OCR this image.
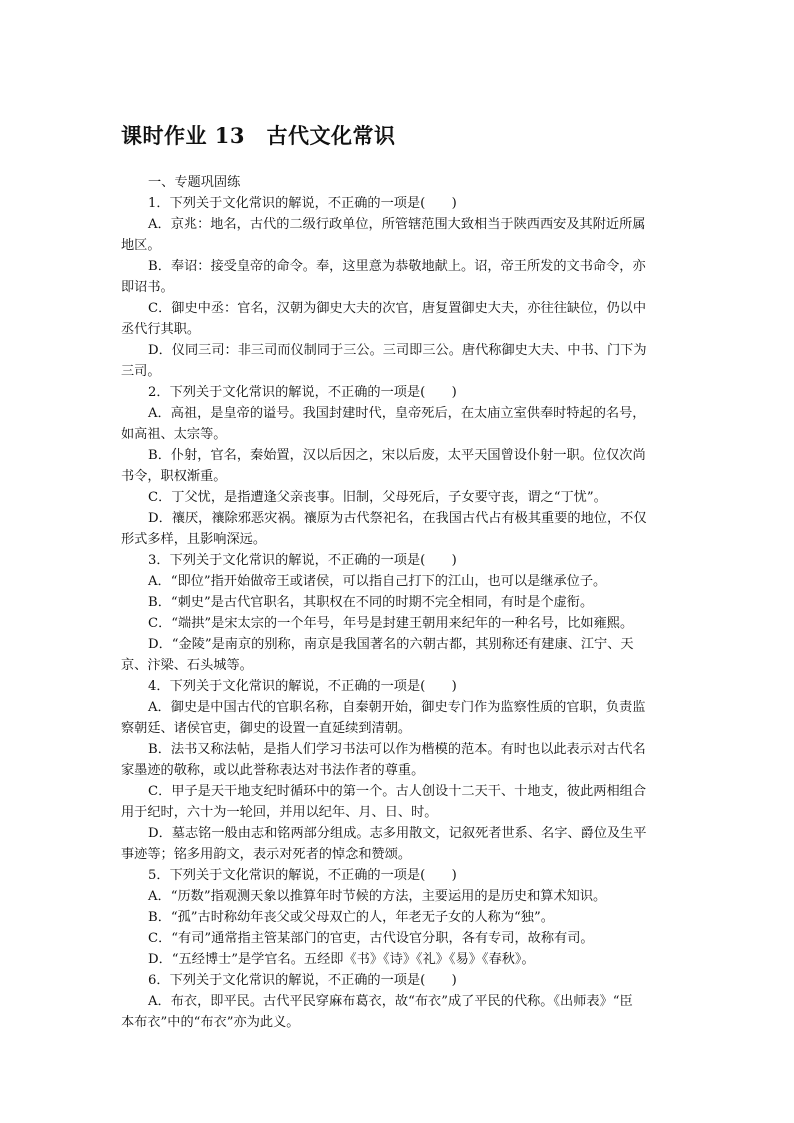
课时作业 13　古代文化常识
一、专题巩固练
1．下列关于文化常识的解说，不正确的一项是(　　)
A．京兆：地名，古代的二级行政单位，所管辖范围大致相当于陕西西安及其附近所属
地区。
B．奉诏：接受皇帝的命令。奉，这里意为恭敬地献上。诏，帝王所发的文书命令，亦
即诏书。
C．御史中丞：官名，汉朝为御史大夫的次官，唐复置御史大夫，亦往往缺位，仍以中
丞代行其职。
D．仪同三司：非三司而仪制同于三公。三司即三公。唐代称御史大夫、中书、门下为
三司。
2．下列关于文化常识的解说，不正确的一项是(　　)
A．高祖，是皇帝的谥号。我国封建时代，皇帝死后，在太庙立室供奉时特起的名号，
如高祖、太宗等。
B．仆射，官名，秦始置，汉以后因之，宋以后废，太平天国曾设仆射一职。位仅次尚
书令，职权渐重。
C．丁父忧，是指遭逢父亲丧事。旧制，父母死后，子女要守丧，谓之“丁忧”。
D．禳厌，禳除邪恶灾祸。禳原为古代祭祀名，在我国古代占有极其重要的地位，不仅
形式多样，且影响深远。
3．下列关于文化常识的解说，不正确的一项是(　　)
A．“即位”指开始做帝王或诸侯，可以指自己打下的江山，也可以是继承位子。
B．“刺史”是古代官职名，其职权在不同的时期不完全相同，有时是个虚衔。
C．“端拱”是宋太宗的一个年号，年号是封建王朝用来纪年的一种名号，比如雍熙。
D．“金陵”是南京的别称，南京是我国著名的六朝古都，其别称还有建康、江宁、天
京、汴梁、石头城等。
4．下列关于文化常识的解说，不正确的一项是(　　)
A．御史是中国古代的官职名称，自秦朝开始，御史专门作为监察性质的官职，负责监
察朝廷、诸侯官吏，御史的设置一直延续到清朝。
B．法书又称法帖，是指人们学习书法可以作为楷模的范本。有时也以此表示对古代名
家墨迹的敬称，或以此誉称表达对书法作者的尊重。
C．甲子是天干地支纪时循环中的第一个。古人创设十二天干、十地支，彼此两相组合
用于纪时，六十为一轮回，并用以纪年、月、日、时。
D．墓志铭一般由志和铭两部分组成。志多用散文，记叙死者世系、名字、爵位及生平
事迹等；铭多用韵文，表示对死者的悼念和赞颂。
5．下列关于文化常识的解说，不正确的一项是(　　)
A．“历数”指观测天象以推算年时节候的方法，主要运用的是历史和算术知识。
B．“孤”古时称幼年丧父或父母双亡的人，年老无子女的人称为“独”。
C．“有司”通常指主管某部门的官吏，古代设官分职，各有专司，故称有司。
D．“五经博士”是学官名。五经即《书》《诗》《礼》《易》《春秋》。
6．下列关于文化常识的解说，不正确的一项是(　　)
A．布衣，即平民。古代平民穿麻布葛衣，故“布衣”成了平民的代称。《出师表》“臣
本布衣”中的“布衣”亦为此义。
